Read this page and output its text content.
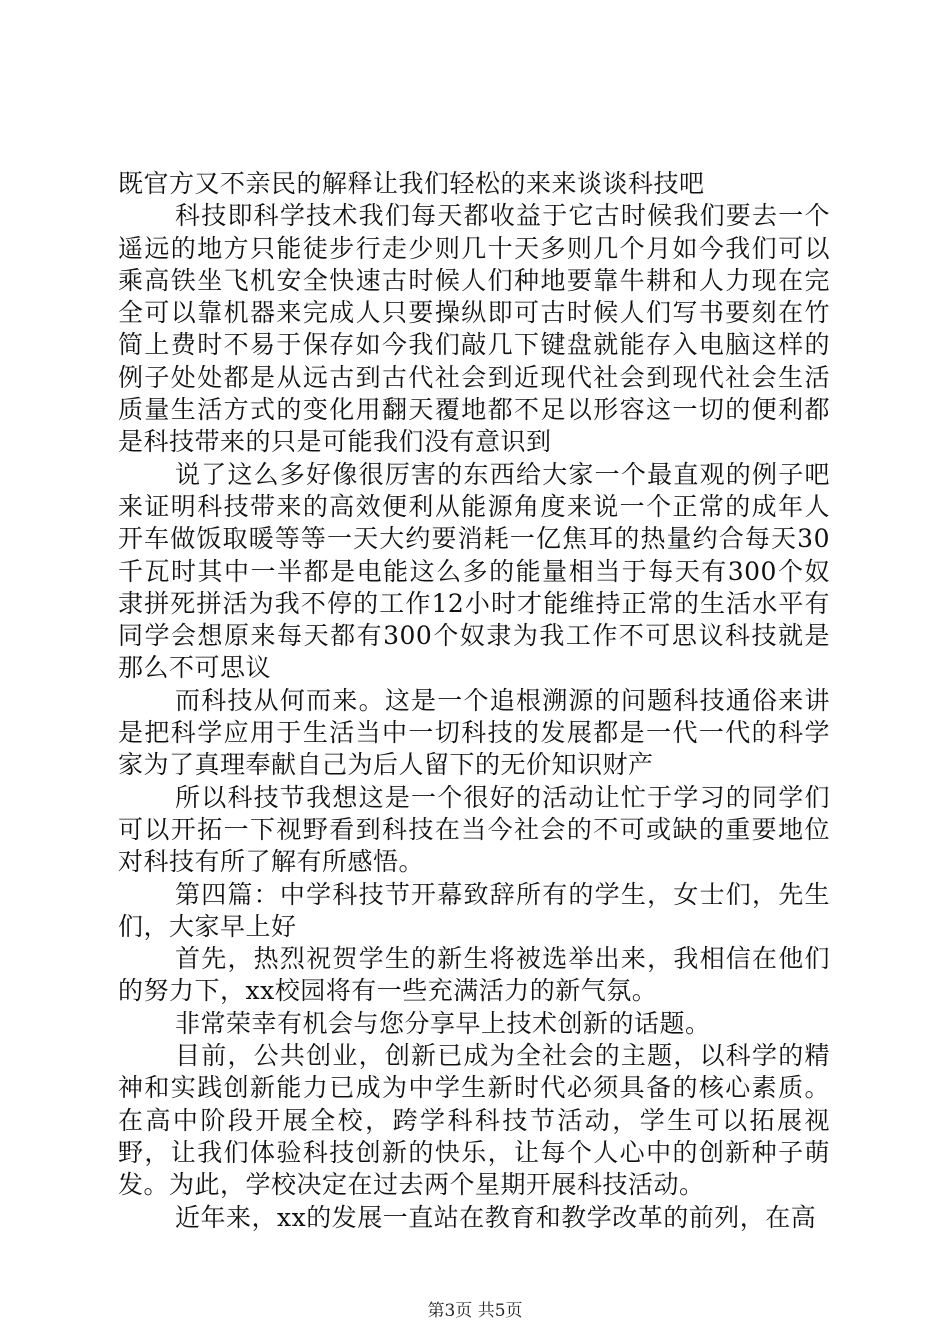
既官方又不亲民的解释让我们轻松的来来谈谈科技吧

科技即科学技术我们每天都收益于它古时候我们要去一个遥远的地方只能徒步行走少则几十天多则几个月如今我们可以乘高铁坐飞机安全快速古时候人们种地要靠牛耕和人力现在完全可以靠机器来完成人只要操纵即可古时候人们写书要刻在竹简上费时不易于保存如今我们敲几下键盘就能存入电脑这样的例子处处都是从远古到古代社会到近现代社会到现代社会生活质量生活方式的变化用翻天覆地都不足以形容这一切的便利都是科技带来的只是可能我们没有意识到

说了这么多好像很厉害的东西给大家一个最直观的例子吧来证明科技带来的高效便利从能源角度来说一个正常的成年人开车做饭取暖等等一天大约要消耗一亿焦耳的热量约合每天30千瓦时其中一半都是电能这么多的能量相当于每天有300个奴隶拼死拼活为我不停的工作12小时才能维持正常的生活水平有同学会想原来每天都有300个奴隶为我工作不可思议科技就是那么不可思议

而科技从何而来。这是一个追根溯源的问题科技通俗来讲是把科学应用于生活当中一切科技的发展都是一代一代的科学家为了真理奉献自己为后人留下的无价知识财产

所以科技节我想这是一个很好的活动让忙于学习的同学们可以开拓一下视野看到科技在当今社会的不可或缺的重要地位对科技有所了解有所感悟。

第四篇：中学科技节开幕致辞所有的学生，女士们，先生们，大家早上好

首先，热烈祝贺学生的新生将被选举出来，我相信在他们的努力下，xx校园将有一些充满活力的新气氛。

非常荣幸有机会与您分享早上技术创新的话题。

目前，公共创业，创新已成为全社会的主题，以科学的精神和实践创新能力已成为中学生新时代必须具备的核心素质。在高中阶段开展全校，跨学科科技节活动，学生可以拓展视野，让我们体验科技创新的快乐，让每个人心中的创新种子萌发。为此，学校决定在过去两个星期开展科技活动。

近年来，xx的发展一直站在教育和教学改革的前列，在高

第3页 共5页
